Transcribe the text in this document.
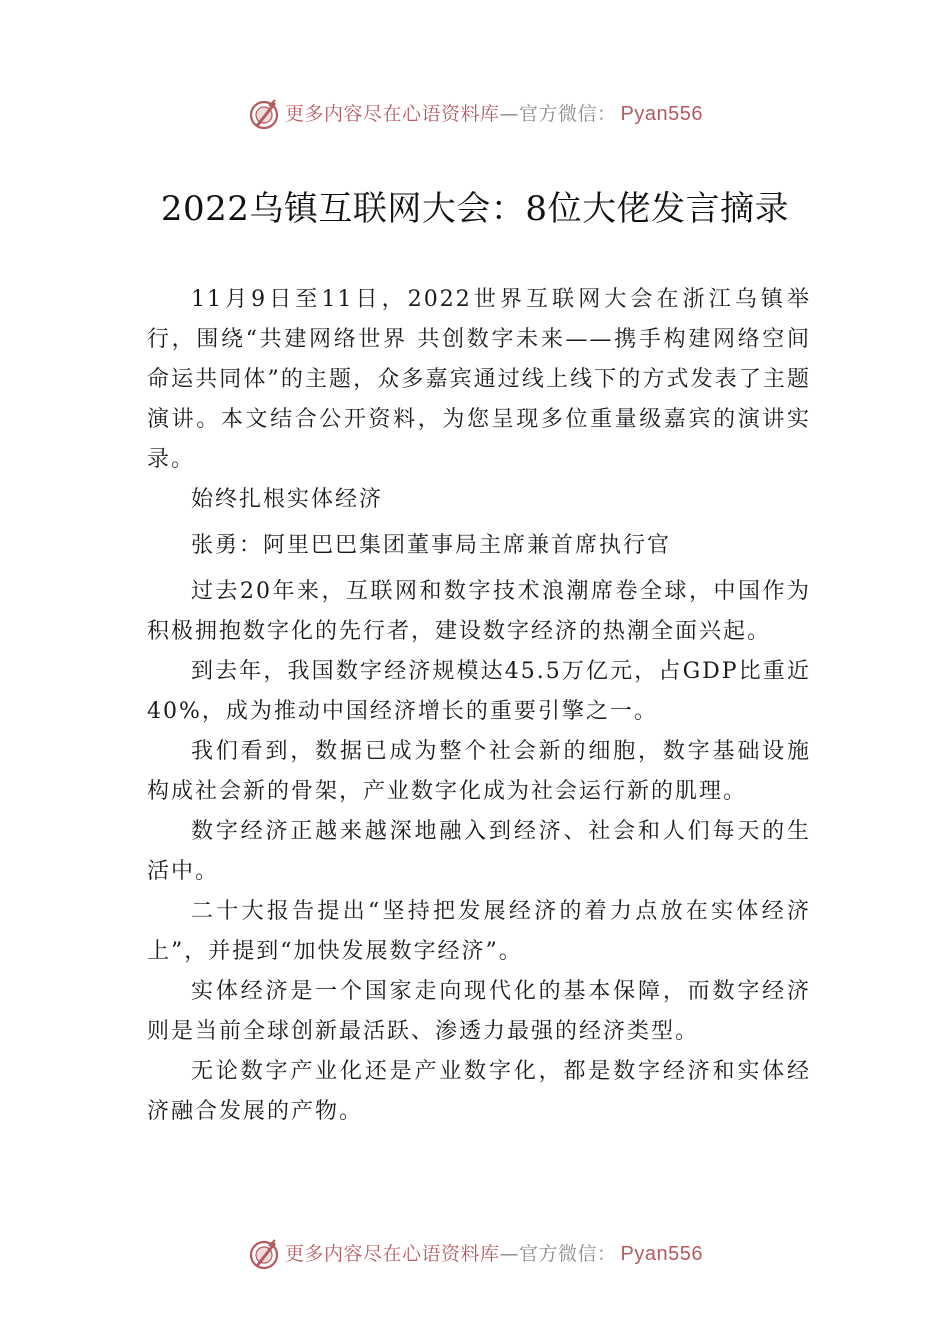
更多内容尽在心语资料库 — 官方微信： Pyan556
2022乌镇互联网大会：8位大佬发言摘录

11月9日至11日，2022世界互联网大会在浙江乌镇举行，围绕“共建网络世界 共创数字未来——携手构建网络空间命运共同体”的主题，众多嘉宾通过线上线下的方式发表了主题演讲。本文结合公开资料，为您呈现多位重量级嘉宾的演讲实录。

始终扎根实体经济

张勇：阿里巴巴集团董事局主席兼首席执行官

过去20年来，互联网和数字技术浪潮席卷全球，中国作为积极拥抱数字化的先行者，建设数字经济的热潮全面兴起。

到去年，我国数字经济规模达45.5万亿元，占GDP比重近40%，成为推动中国经济增长的重要引擎之一。

我们看到，数据已成为整个社会新的细胞，数字基础设施构成社会新的骨架，产业数字化成为社会运行新的肌理。

数字经济正越来越深地融入到经济、社会和人们每天的生活中。

二十大报告提出“坚持把发展经济的着力点放在实体经济上”，并提到“加快发展数字经济”。

实体经济是一个国家走向现代化的基本保障，而数字经济则是当前全球创新最活跃、渗透力最强的经济类型。

无论数字产业化还是产业数字化，都是数字经济和实体经济融合发展的产物。

更多内容尽在心语资料库 — 官方微信： Pyan556
